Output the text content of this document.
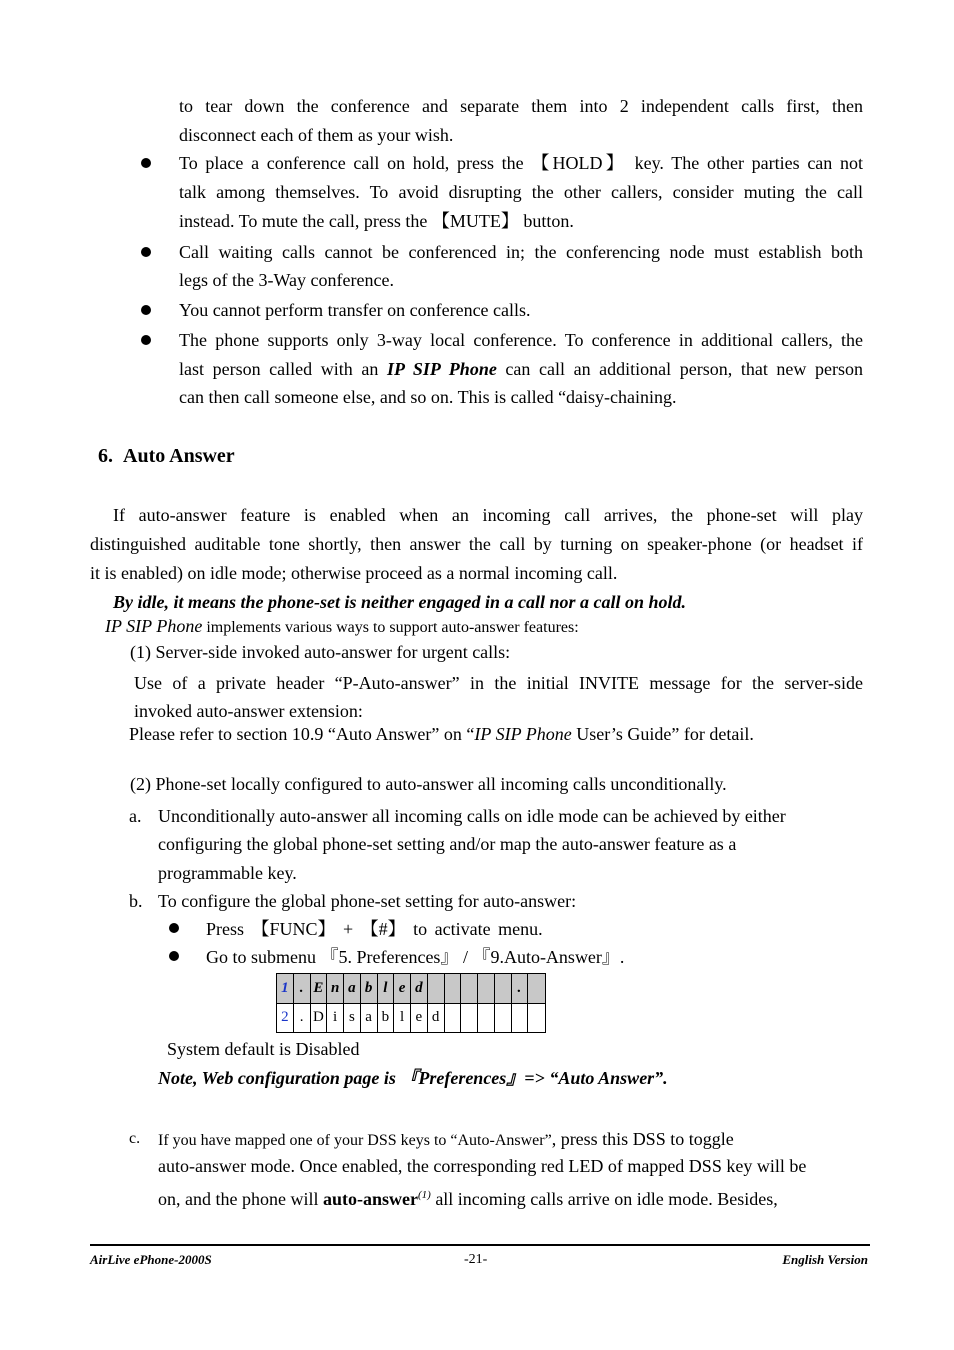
to tear down the conference and separate them into 2 independent calls first, then
disconnect each of them as your wish.
To place a conference call on hold, press the 【HOLD】 key. The other parties can not
talk among themselves. To avoid disrupting the other callers, consider muting the call
instead. To mute the call, press the 【MUTE】 button.
Call waiting calls cannot be conferenced in; the conferencing node must establish both
legs of the 3-Way conference.
You cannot perform transfer on conference calls.
The phone supports only 3-way local conference. To conference in additional callers, the
last person called with an IP SIP Phone can call an additional person, that new person
can then call someone else, and so on. This is called “daisy-chaining.
6. Auto Answer
If auto-answer feature is enabled when an incoming call arrives, the phone-set will play
distinguished auditable tone shortly, then answer the call by turning on speaker-phone (or headset if
it is enabled) on idle mode; otherwise proceed as a normal incoming call.
By idle, it means the phone-set is neither engaged in a call nor a call on hold.
IP SIP Phone implements various ways to support auto-answer features:
(1) Server-side invoked auto-answer for urgent calls:
Use of a private header “P-Auto-answer” in the initial INVITE message for the server-side
invoked auto-answer extension:
Please refer to section 10.9 “Auto Answer” on “IP SIP Phone User’s Guide” for detail.
(2) Phone-set locally configured to auto-answer all incoming calls unconditionally.
a. Unconditionally auto-answer all incoming calls on idle mode can be achieved by either
configuring the global phone-set setting and/or map the auto-answer feature as a
programmable key.
b. To configure the global phone-set setting for auto-answer:
Press 【FUNC】 + 【#】 to activate menu.
Go to submenu 『5. Preferences』 / 『9.Auto-Answer』.
1 . E n a b l e d	.
2 . D i s a b l e d
System default is Disabled
Note, Web configuration page is 『Preferences』=> “Auto Answer”.
c. If you have mapped one of your DSS keys to “Auto-Answer”, press this DSS to toggle
auto-answer mode. Once enabled, the corresponding red LED of mapped DSS key will be
on, and the phone will auto-answer$^{(1)}$ all incoming calls arrive on idle mode. Besides,
AirLive ePhone-2000S	-21-	English Version
